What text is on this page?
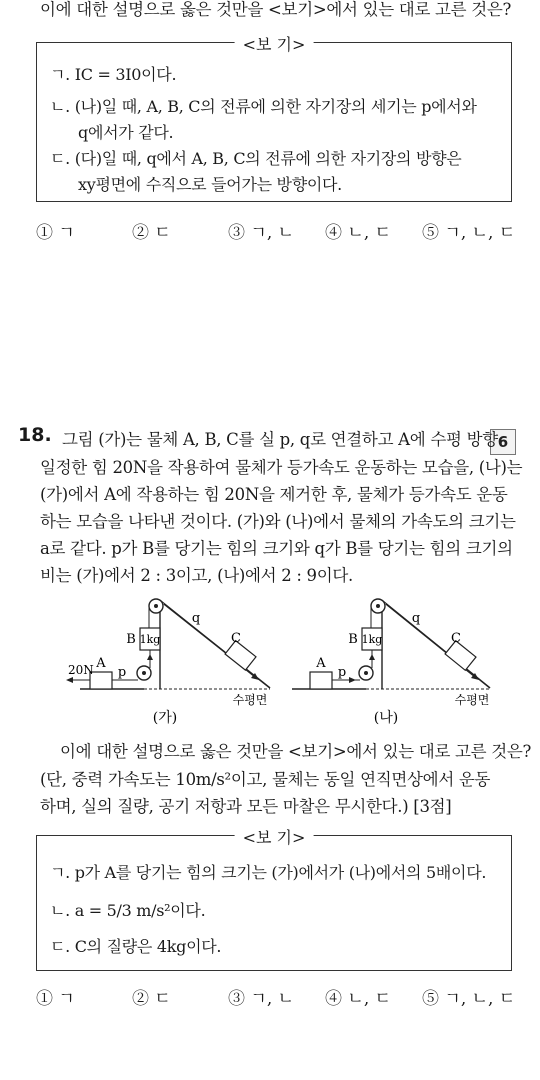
이에 대한 설명으로 옳은 것만을 <보기>에서 있는 대로 고른 것은?
<보 기>
ㄱ. IC = 3I0이다.
ㄴ. (나)일 때, A, B, C의 전류에 의한 자기장의 세기는 p에서와
q에서가 같다.
ㄷ. (다)일 때, q에서 A, B, C의 전류에 의한 자기장의 방향은
xy평면에 수직으로 들어가는 방향이다.
① ㄱ	② ㄷ	③ ㄱ, ㄴ ④ ㄴ, ㄷ ⑤ ㄱ, ㄴ, ㄷ
18.	6
그림 (가)는 물체 A, B, C를 실 p, q로 연결하고 A에 수평 방향
일정한 힘 20N을 작용하여 물체가 등가속도 운동하는 모습을, (나)는
(가)에서 A에 작용하는 힘 20N을 제거한 후, 물체가 등가속도 운동
하는 모습을 나타낸 것이다. (가)와 (나)에서 물체의 가속도의 크기는
a로 같다. p가 B를 당기는 힘의 크기와 q가 B를 당기는 힘의 크기의
비는 (가)에서 2 : 3이고, (나)에서 2 : 9이다.
1kg
B
p
A
20N
q
C
수평면
(가)
1kg
B
p
A
q
C
수평면
(나)
이에 대한 설명으로 옳은 것만을 <보기>에서 있는 대로 고른 것은?
(단, 중력 가속도는 10m/s²이고, 물체는 동일 연직면상에서 운동
하며, 실의 질량, 공기 저항과 모든 마찰은 무시한다.) [3점]
<보 기>
ㄱ. p가 A를 당기는 힘의 크기는 (가)에서가 (나)에서의 5배이다.
ㄴ. a = 5/3 m/s²이다.
ㄷ. C의 질량은 4kg이다.
① ㄱ	② ㄷ	③ ㄱ, ㄴ ④ ㄴ, ㄷ ⑤ ㄱ, ㄴ, ㄷ
